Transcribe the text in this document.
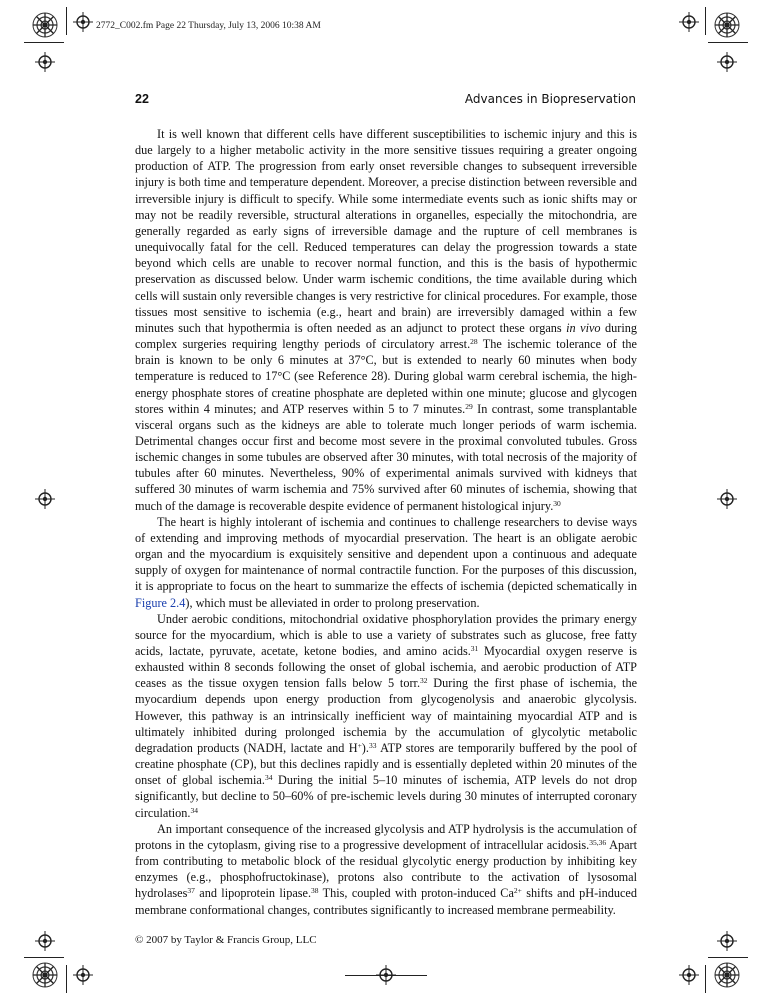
2772_C002.fm Page 22 Thursday, July 13, 2006 10:38 AM
22	Advances in Biopreservation

It is well known that different cells have different susceptibilities to ischemic injury and this is due largely to a higher metabolic activity in the more sensitive tissues requiring a greater ongoing production of ATP. The progression from early onset reversible changes to subsequent irreversible injury is both time and temperature dependent. Moreover, a precise distinction between reversible and irreversible injury is difficult to specify. While some intermediate events such as ionic shifts may or may not be readily reversible, structural alterations in organelles, especially the mitochondria, are generally regarded as early signs of irreversible damage and the rupture of cell membranes is unequivocally fatal for the cell. Reduced temperatures can delay the progression towards a state beyond which cells are unable to recover normal function, and this is the basis of hypothermic preservation as discussed below. Under warm ischemic conditions, the time available during which cells will sustain only reversible changes is very restrictive for clinical procedures. For example, those tissues most sensitive to ischemia (e.g., heart and brain) are irreversibly damaged within a few minutes such that hypothermia is often needed as an adjunct to protect these organs in vivo during complex surgeries requiring lengthy periods of circulatory arrest.$^{28}$ The ischemic tolerance of the brain is known to be only 6 minutes at 37°C, but is extended to nearly 60 minutes when body temperature is reduced to 17°C (see Reference 28). During global warm cerebral ischemia, the high-energy phosphate stores of creatine phosphate are depleted within one minute; glucose and glycogen stores within 4 minutes; and ATP reserves within 5 to 7 minutes.$^{29}$ In contrast, some transplantable visceral organs such as the kidneys are able to tolerate much longer periods of warm ischemia. Detrimental changes occur first and become most severe in the proximal convoluted tubules. Gross ischemic changes in some tubules are observed after 30 minutes, with total necrosis of the majority of tubules after 60 minutes. Nevertheless, 90% of experimental animals survived with kidneys that suffered 30 minutes of warm ischemia and 75% survived after 60 minutes of ischemia, showing that much of the damage is recoverable despite evidence of permanent histological injury.$^{30}$

The heart is highly intolerant of ischemia and continues to challenge researchers to devise ways of extending and improving methods of myocardial preservation. The heart is an obligate aerobic organ and the myocardium is exquisitely sensitive and dependent upon a continuous and adequate supply of oxygen for maintenance of normal contractile function. For the purposes of this discussion, it is appropriate to focus on the heart to summarize the effects of ischemia (depicted schematically in Figure 2.4), which must be alleviated in order to prolong preservation.

Under aerobic conditions, mitochondrial oxidative phosphorylation provides the primary energy source for the myocardium, which is able to use a variety of substrates such as glucose, free fatty acids, lactate, pyruvate, acetate, ketone bodies, and amino acids.$^{31}$ Myocardial oxygen reserve is exhausted within 8 seconds following the onset of global ischemia, and aerobic production of ATP ceases as the tissue oxygen tension falls below 5 torr.$^{32}$ During the first phase of ischemia, the myocardium depends upon energy production from glycogenolysis and anaerobic glycolysis. However, this pathway is an intrinsically inefficient way of maintaining myocardial ATP and is ultimately inhibited during prolonged ischemia by the accumulation of glycolytic metabolic degradation products (NADH, lactate and H+).$^{33}$ ATP stores are temporarily buffered by the pool of creatine phosphate (CP), but this declines rapidly and is essentially depleted within 20 minutes of the onset of global ischemia.$^{34}$ During the initial 5–10 minutes of ischemia, ATP levels do not drop significantly, but decline to 50–60% of pre-ischemic levels during 30 minutes of interrupted coronary circulation.$^{34}$

An important consequence of the increased glycolysis and ATP hydrolysis is the accumulation of protons in the cytoplasm, giving rise to a progressive development of intracellular acidosis.$^{35,36}$ Apart from contributing to metabolic block of the residual glycolytic energy production by inhibiting key enzymes (e.g., phosphofructokinase), protons also contribute to the activation of lysosomal hydrolases$^{37}$ and lipoprotein lipase.$^{38}$ This, coupled with proton-induced $Ca^{2+}$ shifts and pH-induced membrane conformational changes, contributes significantly to increased membrane permeability.

© 2007 by Taylor & Francis Group, LLC
